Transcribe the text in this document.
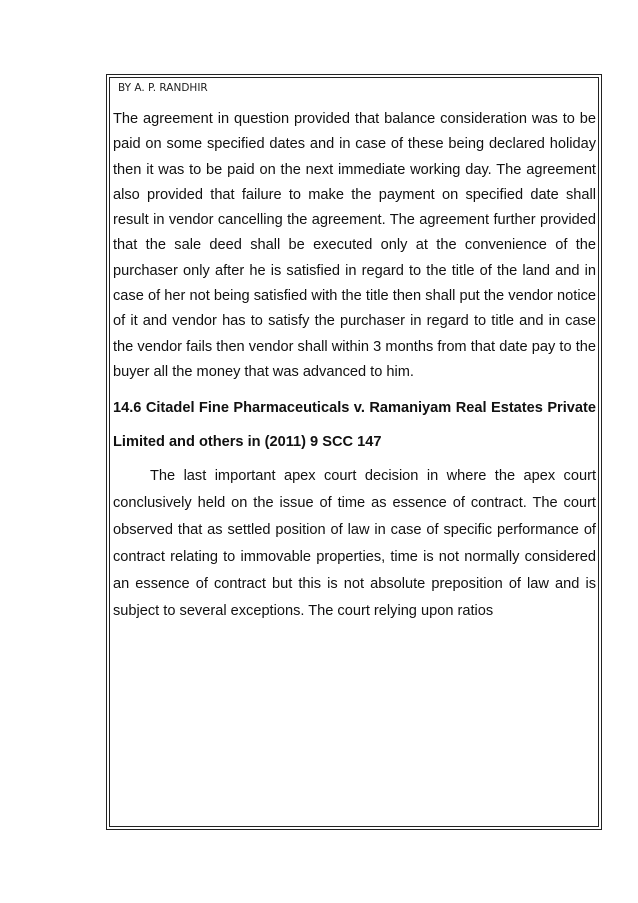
BY A. P. RANDHIR

The agreement in question provided that balance consideration was to be paid on some specified dates and in case of these being declared holiday then it was to be paid on the next immediate working day. The agreement also provided that failure to make the payment on specified date shall result in vendor cancelling the agreement. The agreement further provided that the sale deed shall be executed only at the convenience of the purchaser only after he is satisfied in regard to the title of the land and in case of her not being satisfied with the title then shall put the vendor notice of it and vendor has to satisfy the purchaser in regard to title and in case the vendor fails then vendor shall within 3 months from that date pay to the buyer all the money that was advanced to him.

14.6 Citadel Fine Pharmaceuticals v. Ramaniyam Real Estates Private Limited and others in (2011) 9 SCC 147

The last important apex court decision in where the apex court conclusively held on the issue of time as essence of contract. The court observed that as settled position of law in case of specific performance of contract relating to immovable properties, time is not normally considered an essence of contract but this is not absolute preposition of law and is subject to several exceptions. The court relying upon ratios
